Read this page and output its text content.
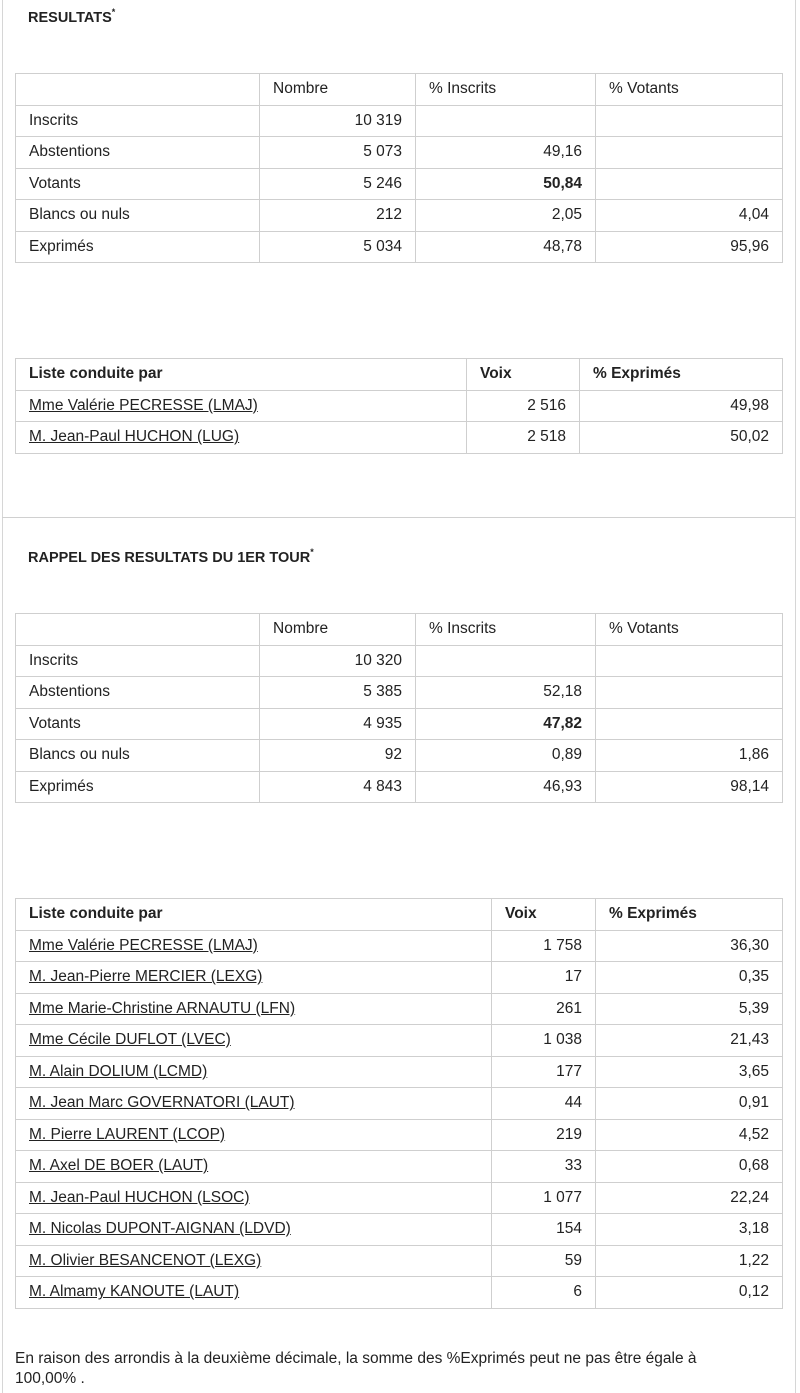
RESULTATS*
	Nombre	% Inscrits	% Votants
Inscrits	10 319		
Abstentions	5 073	49,16	
Votants	5 246	50,84	
Blancs ou nuls	212	2,05	4,04
Exprimés	5 034	48,78	95,96
Liste conduite par	Voix	% Exprimés
Mme Valérie PECRESSE (LMAJ)	2 516	49,98
M. Jean-Paul HUCHON (LUG)	2 518	50,02
RAPPEL DES RESULTATS DU 1ER TOUR*
	Nombre	% Inscrits	% Votants
Inscrits	10 320		
Abstentions	5 385	52,18	
Votants	4 935	47,82	
Blancs ou nuls	92	0,89	1,86
Exprimés	4 843	46,93	98,14
Liste conduite par	Voix	% Exprimés
Mme Valérie PECRESSE (LMAJ)	1 758	36,30
M. Jean-Pierre MERCIER (LEXG)	17	0,35
Mme Marie-Christine ARNAUTU (LFN)	261	5,39
Mme Cécile DUFLOT (LVEC)	1 038	21,43
M. Alain DOLIUM (LCMD)	177	3,65
M. Jean Marc GOVERNATORI (LAUT)	44	0,91
M. Pierre LAURENT (LCOP)	219	4,52
M. Axel DE BOER (LAUT)	33	0,68
M. Jean-Paul HUCHON (LSOC)	1 077	22,24
M. Nicolas DUPONT-AIGNAN (LDVD)	154	3,18
M. Olivier BESANCENOT (LEXG)	59	1,22
M. Almamy KANOUTE (LAUT)	6	0,12
En raison des arrondis à la deuxième décimale, la somme des %Exprimés peut ne pas être égale à 100,00% .
